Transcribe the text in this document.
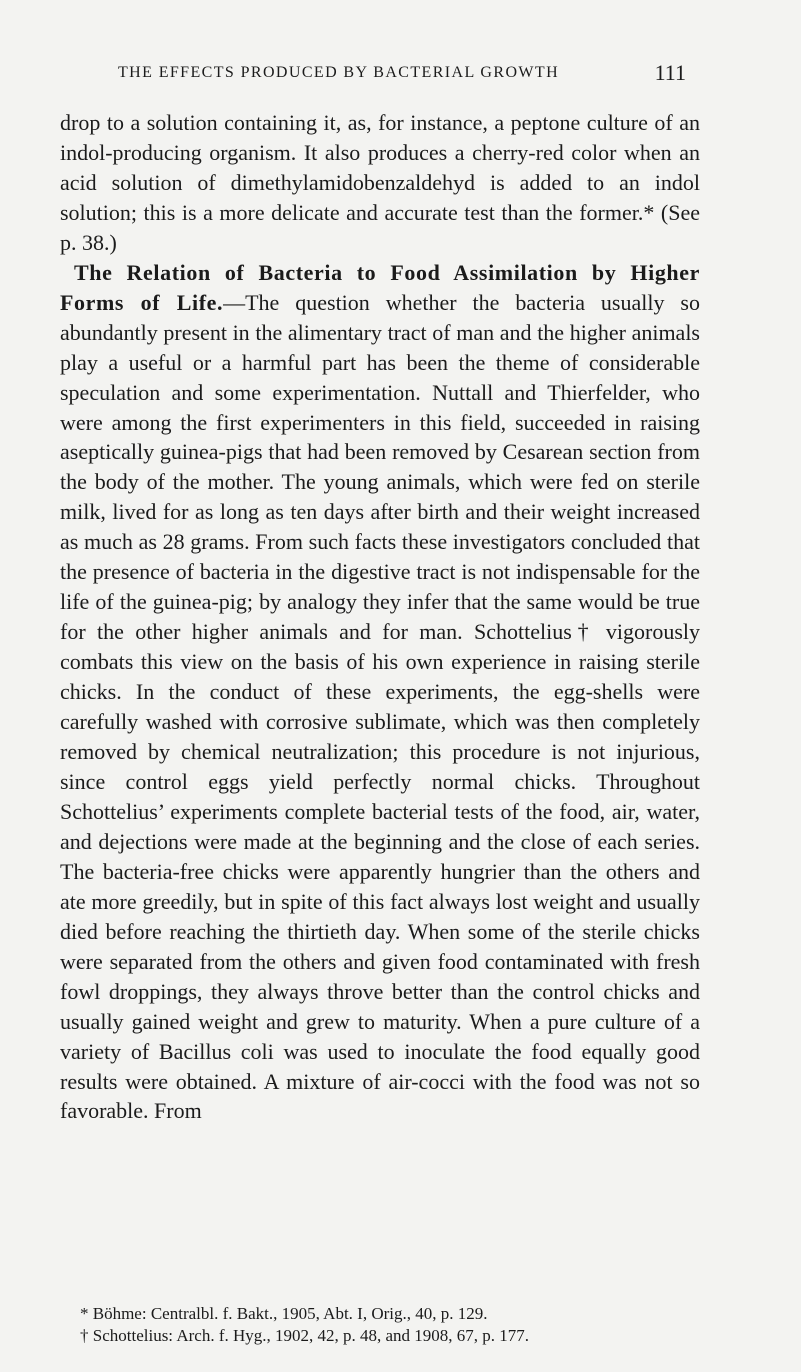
THE EFFECTS PRODUCED BY BACTERIAL GROWTH	111

drop to a solution containing it, as, for instance, a peptone culture of an indol-producing organism. It also produces a cherry-red color when an acid solution of dimethylamidobenzaldehyd is added to an indol solution; this is a more delicate and accurate test than the former.* (See p. 38.)

The Relation of Bacteria to Food Assimilation by Higher Forms of Life.—The question whether the bacteria usually so abundantly present in the alimentary tract of man and the higher animals play a useful or a harmful part has been the theme of considerable speculation and some experimentation. Nuttall and Thierfelder, who were among the first experimenters in this field, succeeded in raising aseptically guinea-pigs that had been removed by Cesarean section from the body of the mother. The young animals, which were fed on sterile milk, lived for as long as ten days after birth and their weight increased as much as 28 grams. From such facts these investigators concluded that the presence of bacteria in the digestive tract is not indispensable for the life of the guinea-pig; by analogy they infer that the same would be true for the other higher animals and for man. Schottelius† vigorously combats this view on the basis of his own experience in raising sterile chicks. In the conduct of these experiments, the egg-shells were carefully washed with corrosive sublimate, which was then completely removed by chemical neutralization; this procedure is not injurious, since control eggs yield perfectly normal chicks. Throughout Schottelius’ experiments complete bacterial tests of the food, air, water, and dejections were made at the beginning and the close of each series. The bacteria-free chicks were apparently hungrier than the others and ate more greedily, but in spite of this fact always lost weight and usually died before reaching the thirtieth day. When some of the sterile chicks were separated from the others and given food contaminated with fresh fowl droppings, they always throve better than the control chicks and usually gained weight and grew to maturity. When a pure culture of a variety of Bacillus coli was used to inoculate the food equally good results were obtained. A mixture of air-cocci with the food was not so favorable. From

* Böhme: Centralbl. f. Bakt., 1905, Abt. I, Orig., 40, p. 129.

† Schottelius: Arch. f. Hyg., 1902, 42, p. 48, and 1908, 67, p. 177.
